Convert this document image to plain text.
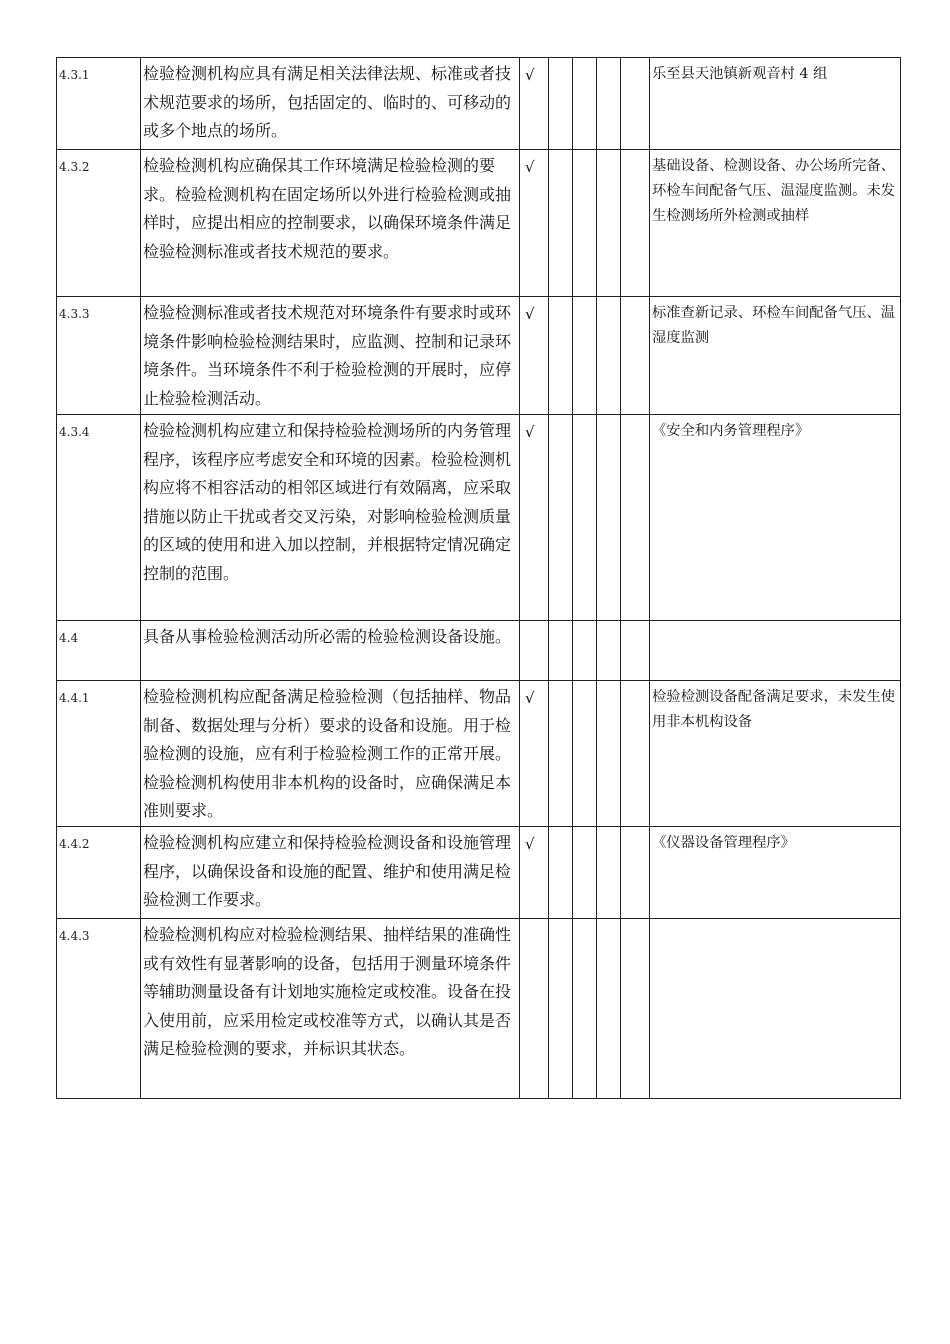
4.3.1	检验检测机构应具有满足相关法律法规、标准或者技术规范要求的场所，包括固定的、临时的、可移动的或多个地点的场所。	√					乐至县天池镇新观音村 4 组
4.3.2	检验检测机构应确保其工作环境满足检验检测的要求。检验检测机构在固定场所以外进行检验检测或抽样时，应提出相应的控制要求，以确保环境条件满足检验检测标准或者技术规范的要求。	√					基础设备、检测设备、办公场所完备、环检车间配备气压、温湿度监测。未发生检测场所外检测或抽样
4.3.3	检验检测标准或者技术规范对环境条件有要求时或环境条件影响检验检测结果时，应监测、控制和记录环境条件。当环境条件不利于检验检测的开展时，应停止检验检测活动。	√					标准查新记录、环检车间配备气压、温湿度监测
4.3.4	检验检测机构应建立和保持检验检测场所的内务管理程序，该程序应考虑安全和环境的因素。检验检测机构应将不相容活动的相邻区域进行有效隔离，应采取措施以防止干扰或者交叉污染，对影响检验检测质量的区域的使用和进入加以控制，并根据特定情况确定控制的范围。	√					《安全和内务管理程序》
4.4	具备从事检验检测活动所必需的检验检测设备设施。						

4.4.1	检验检测机构应配备满足检验检测（包括抽样、物品制备、数据处理与分析）要求的设备和设施。用于检验检测的设施，应有利于检验检测工作的正常开展。检验检测机构使用非本机构的设备时，应确保满足本准则要求。	√					检验检测设备配备满足要求，未发生使用非本机构设备
4.4.2	检验检测机构应建立和保持检验检测设备和设施管理程序，以确保设备和设施的配置、维护和使用满足检验检测工作要求。	√					《仪器设备管理程序》
4.4.3	检验检测机构应对检验检测结果、抽样结果的准确性或有效性有显著影响的设备，包括用于测量环境条件等辅助测量设备有计划地实施检定或校准。设备在投入使用前，应采用检定或校准等方式，以确认其是否满足检验检测的要求，并标识其状态。						
